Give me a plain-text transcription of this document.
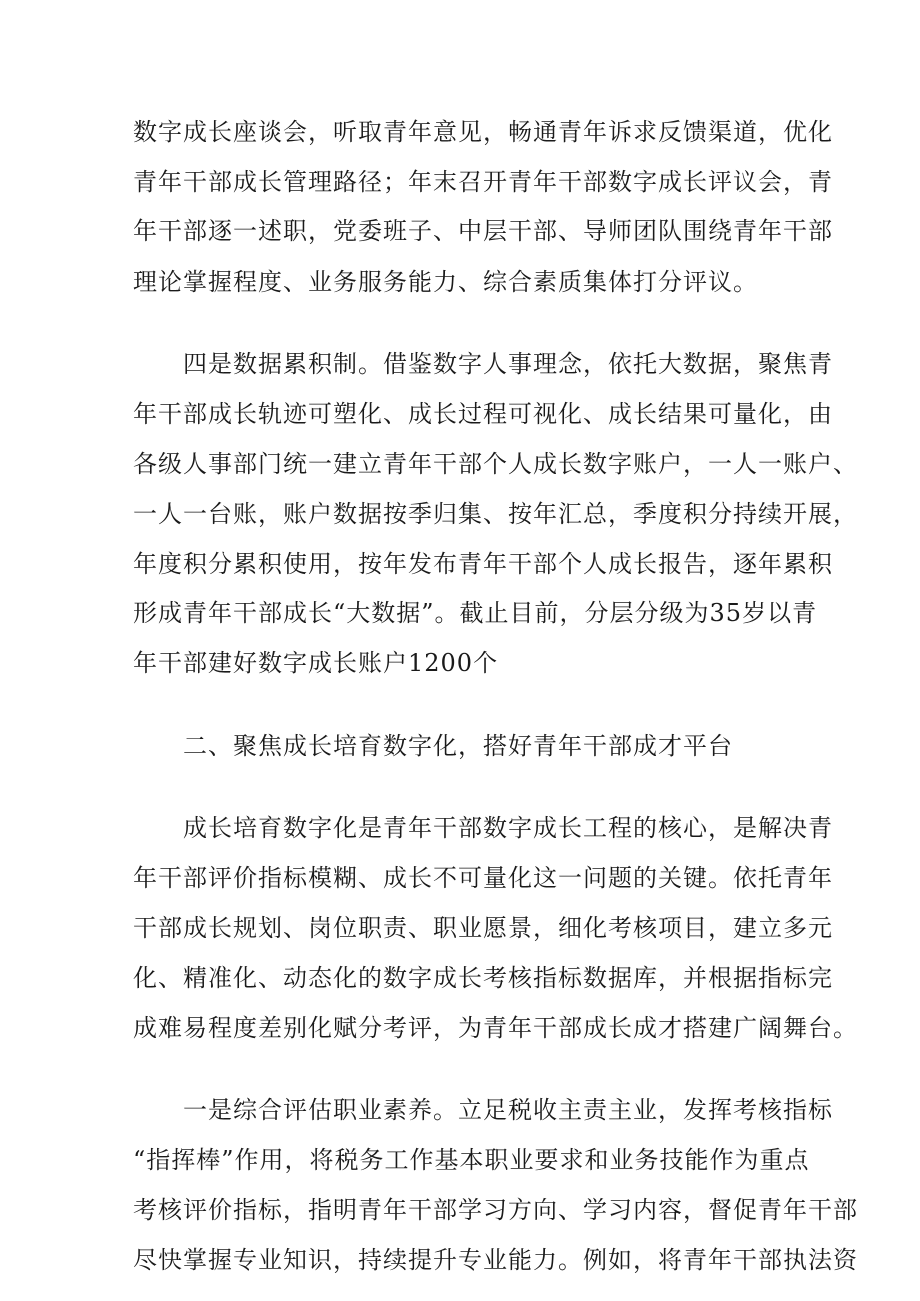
数字成长座谈会，听取青年意见，畅通青年诉求反馈渠道，优化
青年干部成长管理路径；年末召开青年干部数字成长评议会，青
年干部逐一述职，党委班子、中层干部、导师团队围绕青年干部
理论掌握程度、业务服务能力、综合素质集体打分评议。
四是数据累积制。借鉴数字人事理念，依托大数据，聚焦青
年干部成长轨迹可塑化、成长过程可视化、成长结果可量化，由
各级人事部门统一建立青年干部个人成长数字账户，一人一账户、
一人一台账，账户数据按季归集、按年汇总，季度积分持续开展，
年度积分累积使用，按年发布青年干部个人成长报告，逐年累积
形成青年干部成长“大数据”。截止目前，分层分级为35岁以青
年干部建好数字成长账户1200个
二、聚焦成长培育数字化，搭好青年干部成才平台
成长培育数字化是青年干部数字成长工程的核心，是解决青
年干部评价指标模糊、成长不可量化这一问题的关键。依托青年
干部成长规划、岗位职责、职业愿景，细化考核项目，建立多元
化、精准化、动态化的数字成长考核指标数据库，并根据指标完
成难易程度差别化赋分考评，为青年干部成长成才搭建广阔舞台。
一是综合评估职业素养。立足税收主责主业，发挥考核指标
“指挥棒”作用，将税务工作基本职业要求和业务技能作为重点
考核评价指标，指明青年干部学习方向、学习内容，督促青年干部
尽快掌握专业知识，持续提升专业能力。例如，将青年干部执法资
